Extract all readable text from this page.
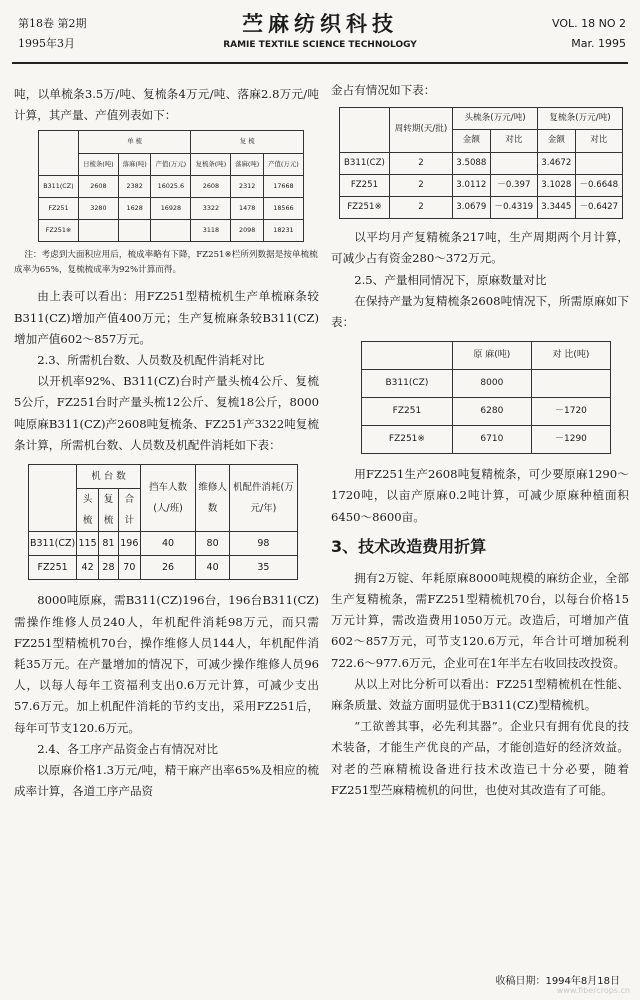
第18卷 第2期
1995年3月
苎麻纺织科技
RAMIE TEXTILE SCIENCE TECHNOLOGY
VOL. 18 NO 2
Mar. 1995

吨，以单梳条3.5万/吨、复梳条4万元/吨、落麻2.8万元/吨计算，其产量、产值列表如下：

	单 梳			复 梳		
	日梳条(吨)	落麻(吨)	产值(万元)	复梳条(吨)	落麻(吨)	产值(万元)
B311(CZ)	2608	2382	16025.6	2608	2312	17668
FZ251	3280	1628	16928	3322	1478	18566
FZ251※				3118	2098	18231

注：考虑到大面积应用后，梳成率略有下降，FZ251※栏所列数据是按单梳梳成率为65%，复梳梳成率为92%计算而得。

由上表可以看出：用FZ251型精梳机生产单梳麻条较B311(CZ)增加产值400万元；生产复梳麻条较B311(CZ)增加产值602～857万元。

2.3、所需机台数、人员数及机配件消耗对比

以开机率92%、B311(CZ)台时产量头梳4公斤、复梳5公斤，FZ251台时产量头梳12公斤、复梳18公斤，8000吨原麻B311(CZ)产2608吨复梳条、FZ251产3322吨复梳条计算，所需机台数、人员数及机配件消耗如下表：

	机 台 数			挡车人数(人/班)	维修人数	机配件消耗(万元/年)
	头梳	复梳	合计			
B311(CZ)	115	81	196	40	80	98
FZ251	42	28	70	26	40	35

8000吨原麻，需B311(CZ)196台，196台B311(CZ)需操作维修人员240人，年机配件消耗98万元，而只需FZ251型精梳机70台，操作维修人员144人，年机配件消耗35万元。在产量增加的情况下，可减少操作维修人员96人，以每人每年工资福利支出0.6万元计算，可减少支出57.6万元。加上机配件消耗的节约支出，采用FZ251后，每年可节支120.6万元。

2.4、各工序产品资金占有情况对比

以原麻价格1.3万元/吨，精干麻产出率65%及相应的梳成率计算，各道工序产品资

金占有情况如下表：

	周转期(天/批)	头梳条(万元/吨)		复梳条(万元/吨)	
		金额	对比	金额	对比
B311(CZ)	2	3.5088		3.4672	
FZ251	2	3.0112	－0.397	3.1028	－0.6648
FZ251※	2	3.0679	－0.4319	3.3445	－0.6427

以平均月产复精梳条217吨，生产周期两个月计算，可减少占有资金280～372万元。

2.5、产量相同情况下，原麻数量对比

在保持产量为复精梳条2608吨情况下，所需原麻如下表：

	原 麻(吨)	对 比(吨)
B311(CZ)	8000	
FZ251	6280	－1720
FZ251※	6710	－1290

用FZ251生产2608吨复精梳条，可少要原麻1290～1720吨，以亩产原麻0.2吨计算，可减少原麻种植面积6450～8600亩。

3、技术改造费用折算

拥有2万锭、年耗原麻8000吨规模的麻纺企业，全部生产复精梳条，需FZ251型精梳机70台，以每台价格15万元计算，需改造费用1050万元。改造后，可增加产值602～857万元，可节支120.6万元，年合计可增加税利722.6～977.6万元，企业可在1年半左右收回技改投资。

从以上对比分析可以看出：FZ251型精梳机在性能、麻条质量、效益方面明显优于B311(CZ)型精梳机。

“工欲善其事，必先利其器”。企业只有拥有优良的技术装备，才能生产优良的产品，才能创造好的经济效益。对老的苎麻精梳设备进行技术改造已十分必要，随着FZ251型苎麻精梳机的问世，也使对其改造有了可能。

收稿日期：1994年8月18日
www.fibercrops.cn
